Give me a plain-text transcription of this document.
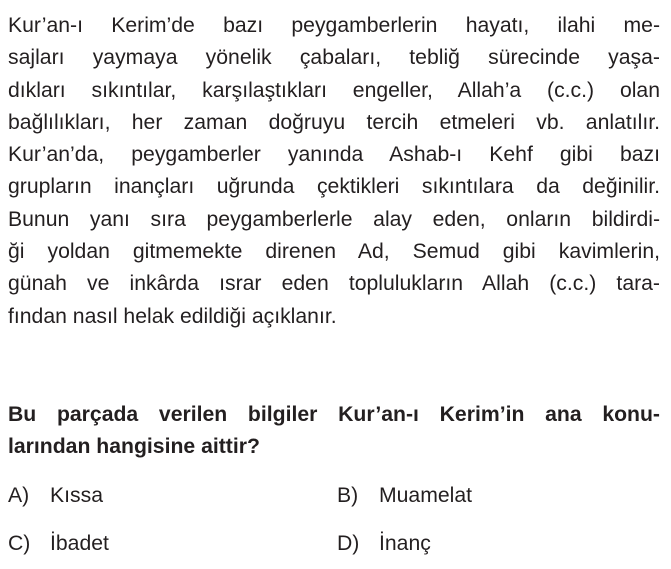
Kur’an-ı Kerim’de bazı peygamberlerin hayatı, ilahi me-
sajları yaymaya yönelik çabaları, tebliğ sürecinde yaşa-
dıkları sıkıntılar, karşılaştıkları engeller, Allah’a (c.c.) olan
bağlılıkları, her zaman doğruyu tercih etmeleri vb. anlatılır.
Kur’an’da, peygamberler yanında Ashab-ı Kehf gibi bazı
grupların inançları uğrunda çektikleri sıkıntılara da değinilir.
Bunun yanı sıra peygamberlerle alay eden, onların bildirdi-
ği yoldan gitmemekte direnen Ad, Semud gibi kavimlerin,
günah ve inkârda ısrar eden toplulukların Allah (c.c.) tara-
fından nasıl helak edildiği açıklanır.
Bu parçada verilen bilgiler Kur’an-ı Kerim’in ana konu-
larından hangisine aittir?
A) Kıssa	B) Muamelat
C) İbadet	D) İnanç
